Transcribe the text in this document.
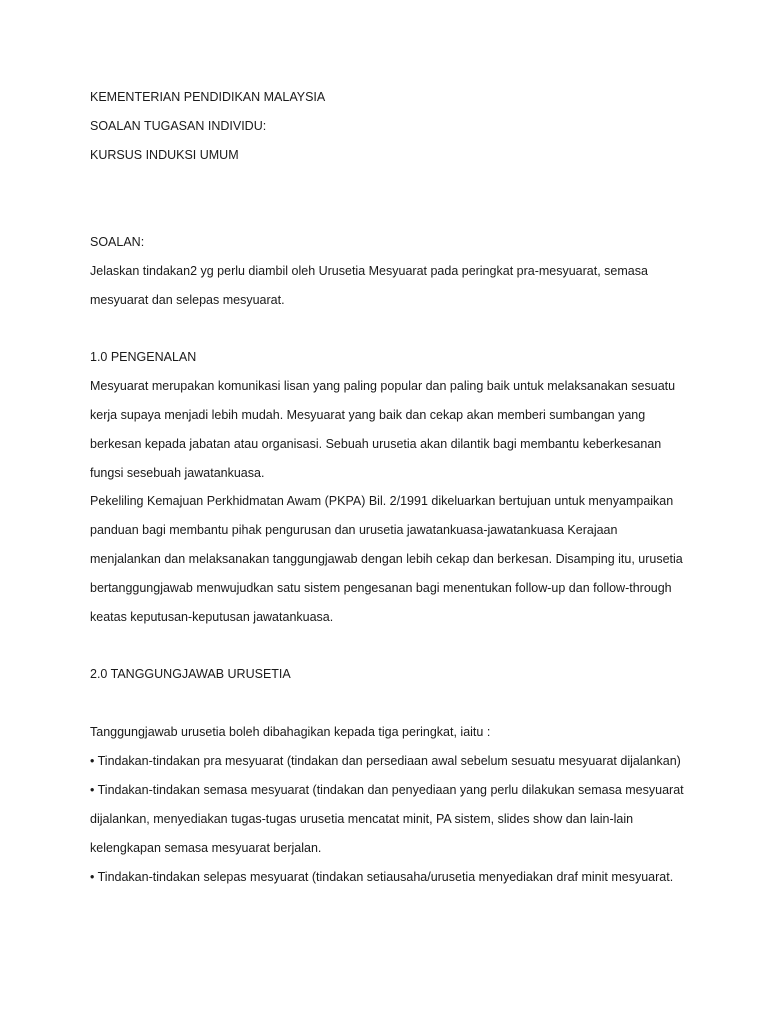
KEMENTERIAN PENDIDIKAN MALAYSIA
SOALAN TUGASAN INDIVIDU:
KURSUS INDUKSI UMUM
SOALAN:
Jelaskan tindakan2 yg perlu diambil oleh Urusetia Mesyuarat pada peringkat pra-mesyuarat, semasa
mesyuarat dan selepas mesyuarat.
1.0 PENGENALAN
Mesyuarat merupakan komunikasi lisan yang paling popular dan paling baik untuk melaksanakan sesuatu
kerja supaya menjadi lebih mudah. Mesyuarat yang baik dan cekap akan memberi sumbangan yang
berkesan kepada jabatan atau organisasi. Sebuah urusetia akan dilantik bagi membantu keberkesanan
fungsi sesebuah jawatankuasa.
Pekeliling Kemajuan Perkhidmatan Awam (PKPA) Bil. 2/1991 dikeluarkan bertujuan untuk menyampaikan
panduan bagi membantu pihak pengurusan dan urusetia jawatankuasa-jawatankuasa Kerajaan
menjalankan dan melaksanakan tanggungjawab dengan lebih cekap dan berkesan. Disamping itu, urusetia
bertanggungjawab menwujudkan satu sistem pengesanan bagi menentukan follow-up dan follow-through
keatas keputusan-keputusan jawatankuasa.
2.0 TANGGUNGJAWAB URUSETIA
Tanggungjawab urusetia boleh dibahagikan kepada tiga peringkat, iaitu :
• Tindakan-tindakan pra mesyuarat (tindakan dan persediaan awal sebelum sesuatu mesyuarat dijalankan)
• Tindakan-tindakan semasa mesyuarat (tindakan dan penyediaan yang perlu dilakukan semasa mesyuarat
dijalankan, menyediakan tugas-tugas urusetia mencatat minit, PA sistem, slides show dan lain-lain
kelengkapan semasa mesyuarat berjalan.
• Tindakan-tindakan selepas mesyuarat (tindakan setiausaha/urusetia menyediakan draf minit mesyuarat.
